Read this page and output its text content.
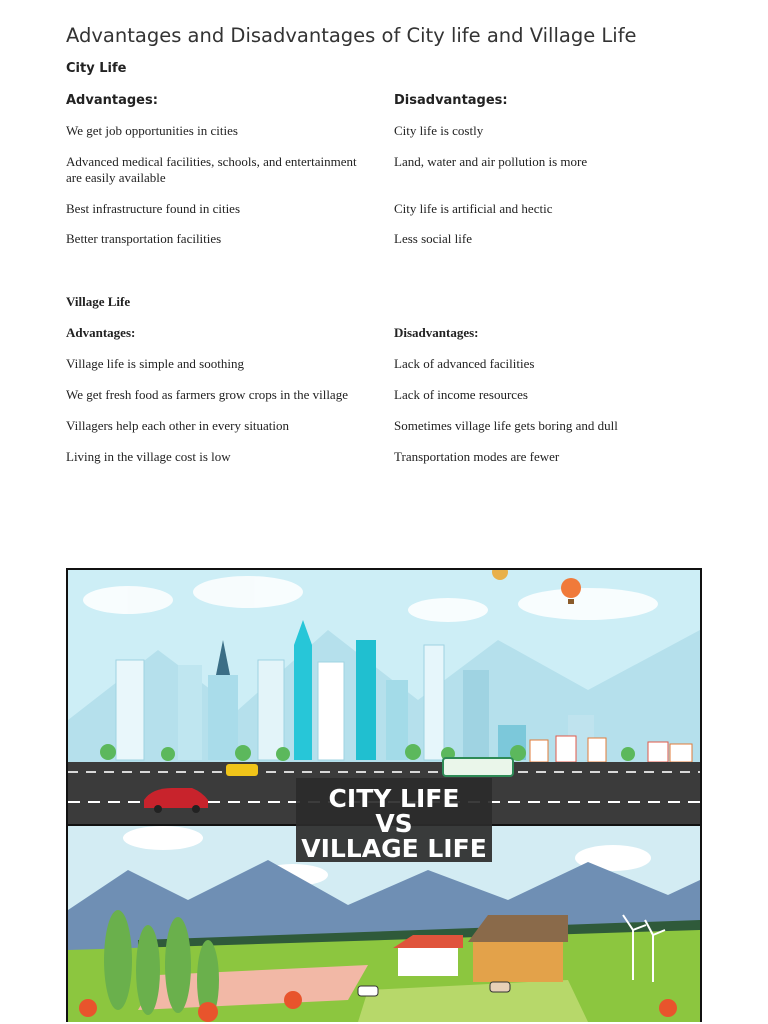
Advantages and Disadvantages of City life and Village Life
City Life
Advantages:
We get job opportunities in cities
Advanced medical facilities, schools, and entertainment are easily available
Best infrastructure found in cities
Better transportation facilities
Disadvantages:
City life is costly
Land, water and air pollution is more
City life is artificial and hectic
Less social life
Village Life
Advantages:
Village life is simple and soothing
We get fresh food as farmers grow crops in the village
Villagers help each other in every situation
Living in the village cost is low
Disadvantages:
Lack of advanced facilities
Lack of income resources
Sometimes village life gets boring and dull
Transportation modes are fewer
CITY LIFE
VS
VILLAGE LIFE
